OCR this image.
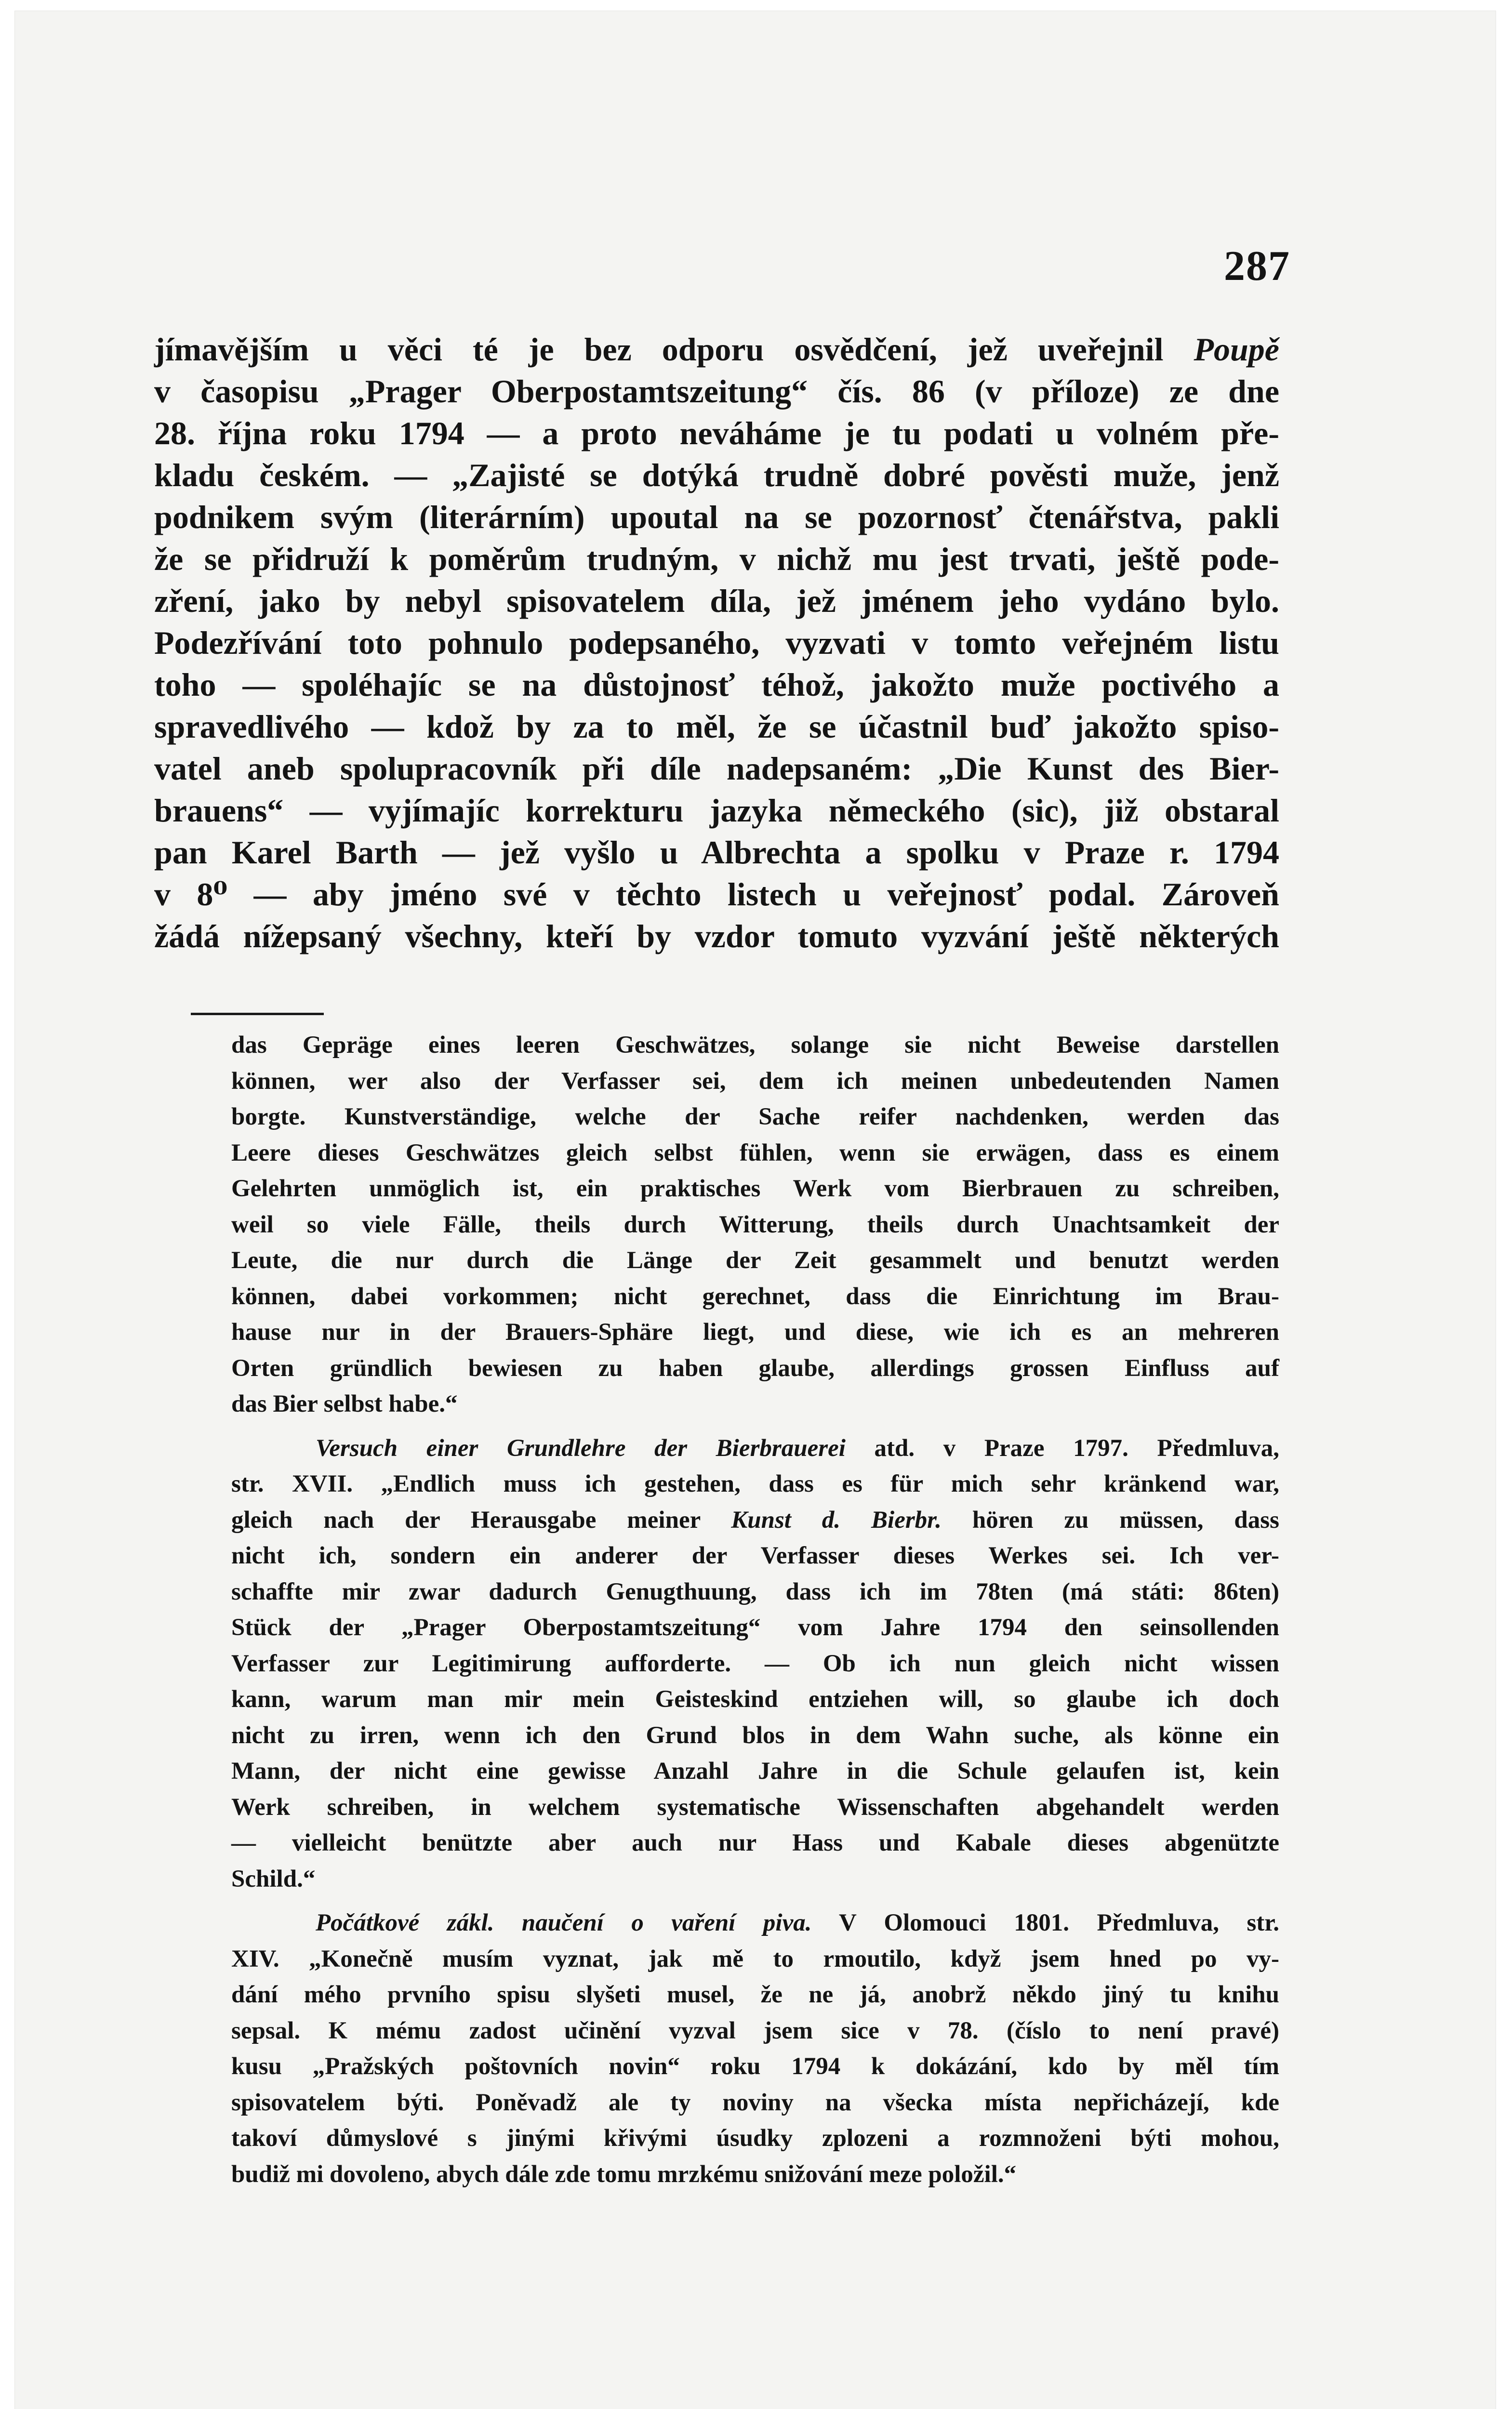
287
jímavějším u věci té je bez odporu osvědčení, jež uveřejnil Poupě
v časopisu „Prager Oberpostamtszeitung“ čís. 86 (v příloze) ze dne
28. října roku 1794 — a proto neváháme je tu podati u volném pře-
kladu českém. — „Zajisté se dotýká trudně dobré pověsti muže, jenž
podnikem svým (literárním) upoutal na se pozornosť čtenářstva, pakli
že se přidruží k poměrům trudným, v nichž mu jest trvati, ještě pode-
zření, jako by nebyl spisovatelem díla, jež jménem jeho vydáno bylo.
Podezřívání toto pohnulo podepsaného, vyzvati v tomto veřejném listu
toho — spoléhajíc se na důstojnosť téhož, jakožto muže poctivého a
spravedlivého — kdož by za to měl, že se účastnil buď jakožto spiso-
vatel aneb spolupracovník při díle nadepsaném: „Die Kunst des Bier-
brauens“ — vyjímajíc korrekturu jazyka německého (sic), již obstaral
pan Karel Barth — jež vyšlo u Albrechta a spolku v Praze r. 1794
v 8⁰ — aby jméno své v těchto listech u veřejnosť podal. Zároveň
žádá nížepsaný všechny, kteří by vzdor tomuto vyzvání ještě některých
das Gepräge eines leeren Geschwätzes, solange sie nicht Beweise darstellen
können, wer also der Verfasser sei, dem ich meinen unbedeutenden Namen
borgte. Kunstverständige, welche der Sache reifer nachdenken, werden das
Leere dieses Geschwätzes gleich selbst fühlen, wenn sie erwägen, dass es einem
Gelehrten unmöglich ist, ein praktisches Werk vom Bierbrauen zu schreiben,
weil so viele Fälle, theils durch Witterung, theils durch Unachtsamkeit der
Leute, die nur durch die Länge der Zeit gesammelt und benutzt werden
können, dabei vorkommen; nicht gerechnet, dass die Einrichtung im Brau-
hause nur in der Brauers-Sphäre liegt, und diese, wie ich es an mehreren
Orten gründlich bewiesen zu haben glaube, allerdings grossen Einfluss auf
das Bier selbst habe.“
Versuch einer Grundlehre der Bierbrauerei atd. v Praze 1797. Předmluva,
str. XVII. „Endlich muss ich gestehen, dass es für mich sehr kränkend war,
gleich nach der Herausgabe meiner Kunst d. Bierbr. hören zu müssen, dass
nicht ich, sondern ein anderer der Verfasser dieses Werkes sei. Ich ver-
schaffte mir zwar dadurch Genugthuung, dass ich im 78ten (má státi: 86ten)
Stück der „Prager Oberpostamtszeitung“ vom Jahre 1794 den seinsollenden
Verfasser zur Legitimirung aufforderte. — Ob ich nun gleich nicht wissen
kann, warum man mir mein Geisteskind entziehen will, so glaube ich doch
nicht zu irren, wenn ich den Grund blos in dem Wahn suche, als könne ein
Mann, der nicht eine gewisse Anzahl Jahre in die Schule gelaufen ist, kein
Werk schreiben, in welchem systematische Wissenschaften abgehandelt werden
— vielleicht benützte aber auch nur Hass und Kabale dieses abgenützte
Schild.“
Počátkové zákl. naučení o vaření piva. V Olomouci 1801. Předmluva, str.
XIV. „Konečně musím vyznat, jak mě to rmoutilo, když jsem hned po vy-
dání mého prvního spisu slyšeti musel, že ne já, anobrž někdo jiný tu knihu
sepsal. K mému zadost učinění vyzval jsem sice v 78. (číslo to není pravé)
kusu „Pražských poštovních novin“ roku 1794 k dokázání, kdo by měl tím
spisovatelem býti. Poněvadž ale ty noviny na všecka místa nepřicházejí, kde
takoví důmyslové s jinými křivými úsudky zplozeni a rozmnoženi býti mohou,
budiž mi dovoleno, abych dále zde tomu mrzkému snižování meze položil.“
